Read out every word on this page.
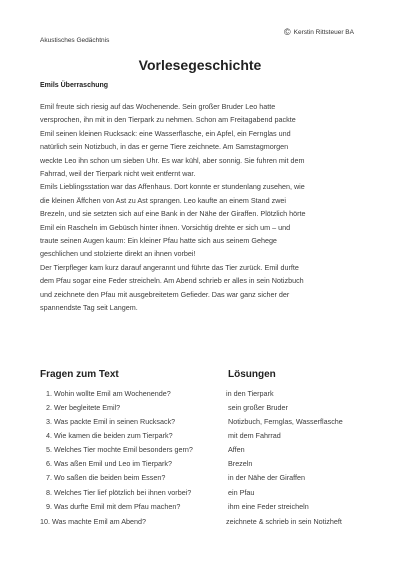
Akustisches Gedächtnis
© Kerstin Rittsteuer BA
Vorlesegeschichte
Emils Überraschung
Emil freute sich riesig auf das Wochenende. Sein großer Bruder Leo hatte
versprochen, ihn mit in den Tierpark zu nehmen. Schon am Freitagabend packte
Emil seinen kleinen Rucksack: eine Wasserflasche, ein Apfel, ein Fernglas und
natürlich sein Notizbuch, in das er gerne Tiere zeichnete. Am Samstagmorgen
weckte Leo ihn schon um sieben Uhr. Es war kühl, aber sonnig. Sie fuhren mit dem
Fahrrad, weil der Tierpark nicht weit entfernt war.
Emils Lieblingsstation war das Affenhaus. Dort konnte er stundenlang zusehen, wie
die kleinen Äffchen von Ast zu Ast sprangen. Leo kaufte an einem Stand zwei
Brezeln, und sie setzten sich auf eine Bank in der Nähe der Giraffen. Plötzlich hörte
Emil ein Rascheln im Gebüsch hinter ihnen. Vorsichtig drehte er sich um – und
traute seinen Augen kaum: Ein kleiner Pfau hatte sich aus seinem Gehege
geschlichen und stolzierte direkt an ihnen vorbei!
Der Tierpfleger kam kurz darauf angerannt und führte das Tier zurück. Emil durfte
dem Pfau sogar eine Feder streicheln. Am Abend schrieb er alles in sein Notizbuch
und zeichnete den Pfau mit ausgebreitetem Gefieder. Das war ganz sicher der
spannendste Tag seit Langem.
Fragen zum Text	Lösungen
1. Wohin wollte Emil am Wochenende?	in den Tierpark
2. Wer begleitete Emil?	sein großer Bruder
3. Was packte Emil in seinen Rucksack?	Notizbuch, Fernglas, Wasserflasche
4. Wie kamen die beiden zum Tierpark?	mit dem Fahrrad
5. Welches Tier mochte Emil besonders gern?	Affen
6. Was aßen Emil und Leo im Tierpark?	Brezeln
7. Wo saßen die beiden beim Essen?	in der Nähe der Giraffen
8. Welches Tier lief plötzlich bei ihnen vorbei?	ein Pfau
9. Was durfte Emil mit dem Pfau machen?	ihm eine Feder streicheln
10. Was machte Emil am Abend?	zeichnete & schrieb in sein Notizheft
